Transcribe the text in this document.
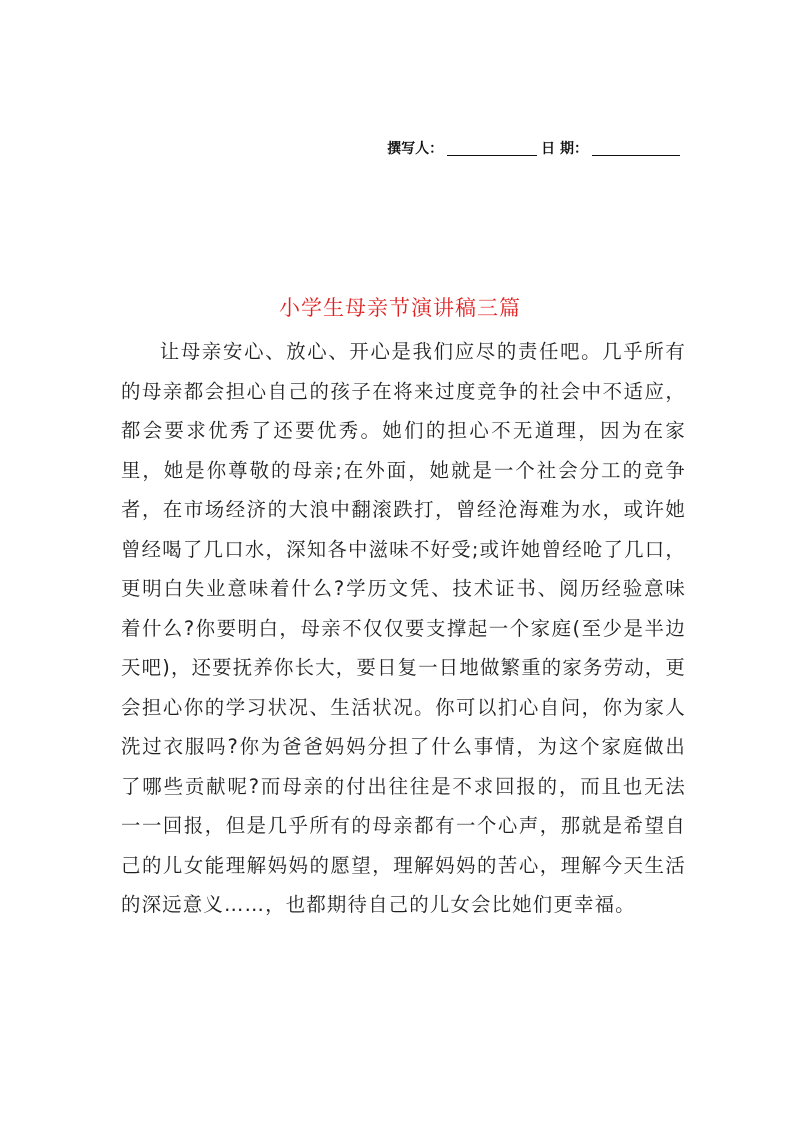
撰写人：	日 期：
小学生母亲节演讲稿三篇

让母亲安心、放心、开心是我们应尽的责任吧。几乎所有的母亲都会担心自己的孩子在将来过度竞争的社会中不适应，都会要求优秀了还要优秀。她们的担心不无道理，因为在家里，她是你尊敬的母亲;在外面，她就是一个社会分工的竞争者，在市场经济的大浪中翻滚跌打，曾经沧海难为水，或许她曾经喝了几口水，深知各中滋味不好受;或许她曾经呛了几口，更明白失业意味着什么?学历文凭、技术证书、阅历经验意味着什么?你要明白，母亲不仅仅要支撑起一个家庭(至少是半边天吧)，还要抚养你长大，要日复一日地做繁重的家务劳动，更会担心你的学习状况、生活状况。你可以扪心自问，你为家人洗过衣服吗?你为爸爸妈妈分担了什么事情，为这个家庭做出了哪些贡献呢?而母亲的付出往往是不求回报的，而且也无法一一回报，但是几乎所有的母亲都有一个心声，那就是希望自己的儿女能理解妈妈的愿望，理解妈妈的苦心，理解今天生活的深远意义……，也都期待自己的儿女会比她们更幸福。
